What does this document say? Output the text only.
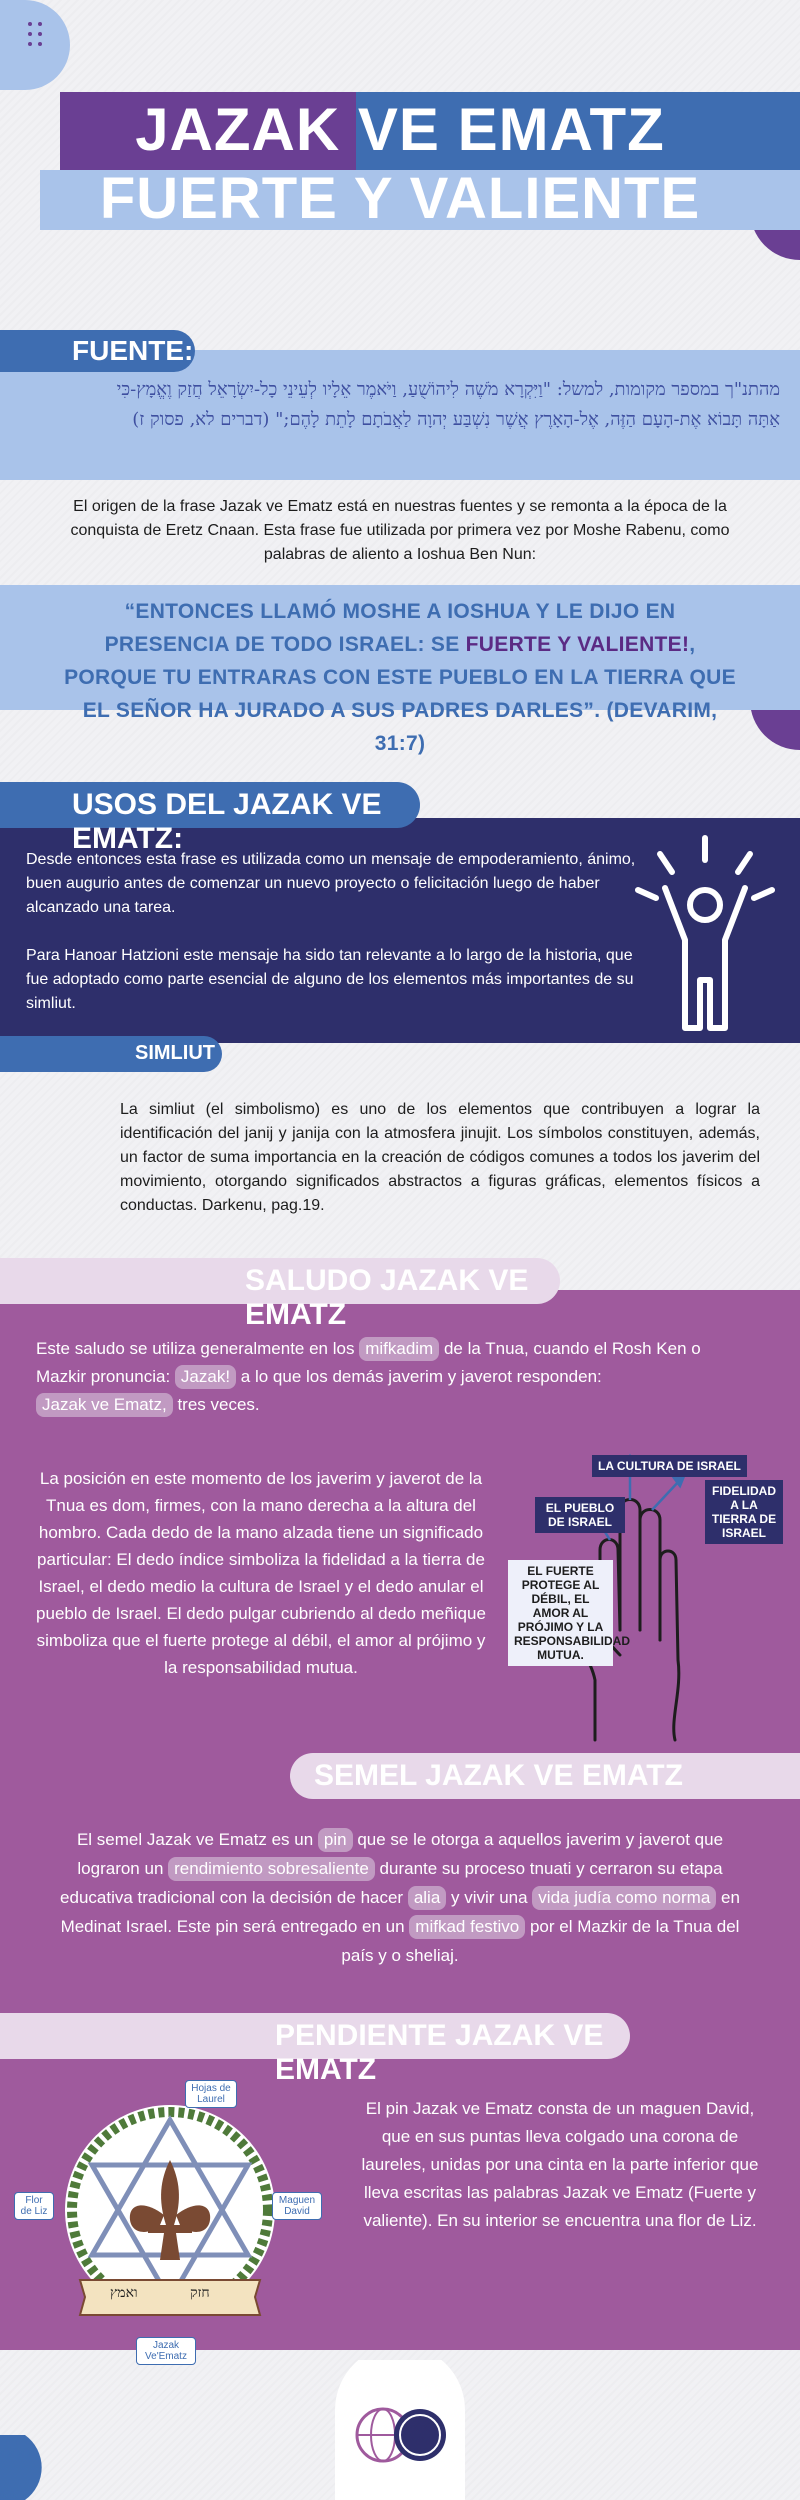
JAZAK VE EMATZ
FUERTE Y VALIENTE
FUENTE:
מהתנ"ך במספר מקומות, למשל: "וַיִּקְרָא מֹשֶׁה לִיהוֹשֻׁעַ, וַיֹּאמֶר אֵלָיו לְעֵינֵי כָל-יִשְׂרָאֵל חֲזַק וֶאֱמָץ-כִּי אַתָּה תָּבוֹא אֶת-הָעָם הַזֶּה, אֶל-הָאָרֶץ אֲשֶׁר נִשְׁבַּע יְהוָה לַאֲבֹתָם לָתֵת לָהֶם;" (דברים לא, פסוק ז)
El origen de la frase Jazak ve Ematz está en nuestras fuentes y se remonta a la época de la conquista de Eretz Cnaan. Esta frase fue utilizada por primera vez por Moshe Rabenu, como palabras de aliento a Ioshua Ben Nun:
“ENTONCES LLAMÓ MOSHE A IOSHUA Y LE DIJO EN PRESENCIA DE TODO ISRAEL: SE FUERTE Y VALIENTE!, PORQUE TU ENTRARAS CON ESTE PUEBLO EN LA TIERRA QUE EL SEÑOR HA JURADO A SUS PADRES DARLES”. (DEVARIM, 31:7)
USOS DEL JAZAK VE EMATZ:

Desde entonces esta frase es utilizada como un mensaje de empoderamiento, ánimo, buen augurio antes de comenzar un nuevo proyecto o felicitación luego de haber alcanzado una tarea.

Para Hanoar Hatzioni este mensaje ha sido tan relevante a lo largo de la historia, que fue adoptado como parte esencial de alguno de los elementos más importantes de su simliut.

SIMLIUT
La simliut (el simbolismo) es uno de los elementos que contribuyen a lograr la identificación del janij y janija con la atmosfera jinujit. Los símbolos constituyen, además, un factor de suma importancia en la creación de códigos comunes a todos los javerim del movimiento, otorgando significados abstractos a figuras gráficas, elementos físicos a conductas. Darkenu, pag.19.
SALUDO JAZAK VE EMATZ
Este saludo se utiliza generalmente en los mifkadim de la Tnua, cuando el Rosh Ken o Mazkir pronuncia: Jazak! a lo que los demás javerim y javerot responden: Jazak ve Ematz, tres veces.
La posición en este momento de los javerim y javerot de la Tnua es dom, firmes, con la mano derecha a la altura del hombro. Cada dedo de la mano alzada tiene un significado particular: El dedo índice simboliza la fidelidad a la tierra de Israel, el dedo medio la cultura de Israel y el dedo anular el pueblo de Israel. El dedo pulgar cubriendo al dedo meñique simboliza que el fuerte protege al débil, el amor al prójimo y la responsabilidad mutua.
LA CULTURA DE ISRAEL
FIDELIDAD A LA TIERRA DE ISRAEL
EL PUEBLO DE ISRAEL
EL FUERTE PROTEGE AL DÉBIL, EL AMOR AL PRÓJIMO Y LA RESPONSABILIDAD MUTUA.
SEMEL JAZAK VE EMATZ
El semel Jazak ve Ematz es un pin que se le otorga a aquellos javerim y javerot que lograron un rendimiento sobresaliente durante su proceso tnuati y cerraron su etapa educativa tradicional con la decisión de hacer alia y vivir una vida judía como norma en Medinat Israel. Este pin será entregado en un mifkad festivo por el Mazkir de la Tnua del país y o sheliaj.
PENDIENTE JAZAK VE EMATZ
El pin Jazak ve Ematz consta de un maguen David, que en sus puntas lleva colgado una corona de laureles, unidas por una cinta en la parte inferior que lleva escritas las palabras Jazak ve Ematz (Fuerte y valiente). En su interior se encuentra una flor de Liz.
ואמץ	חזק
Hojas de Laurel
Flor de Liz
Maguen David
Jazak Ve'Ematz
